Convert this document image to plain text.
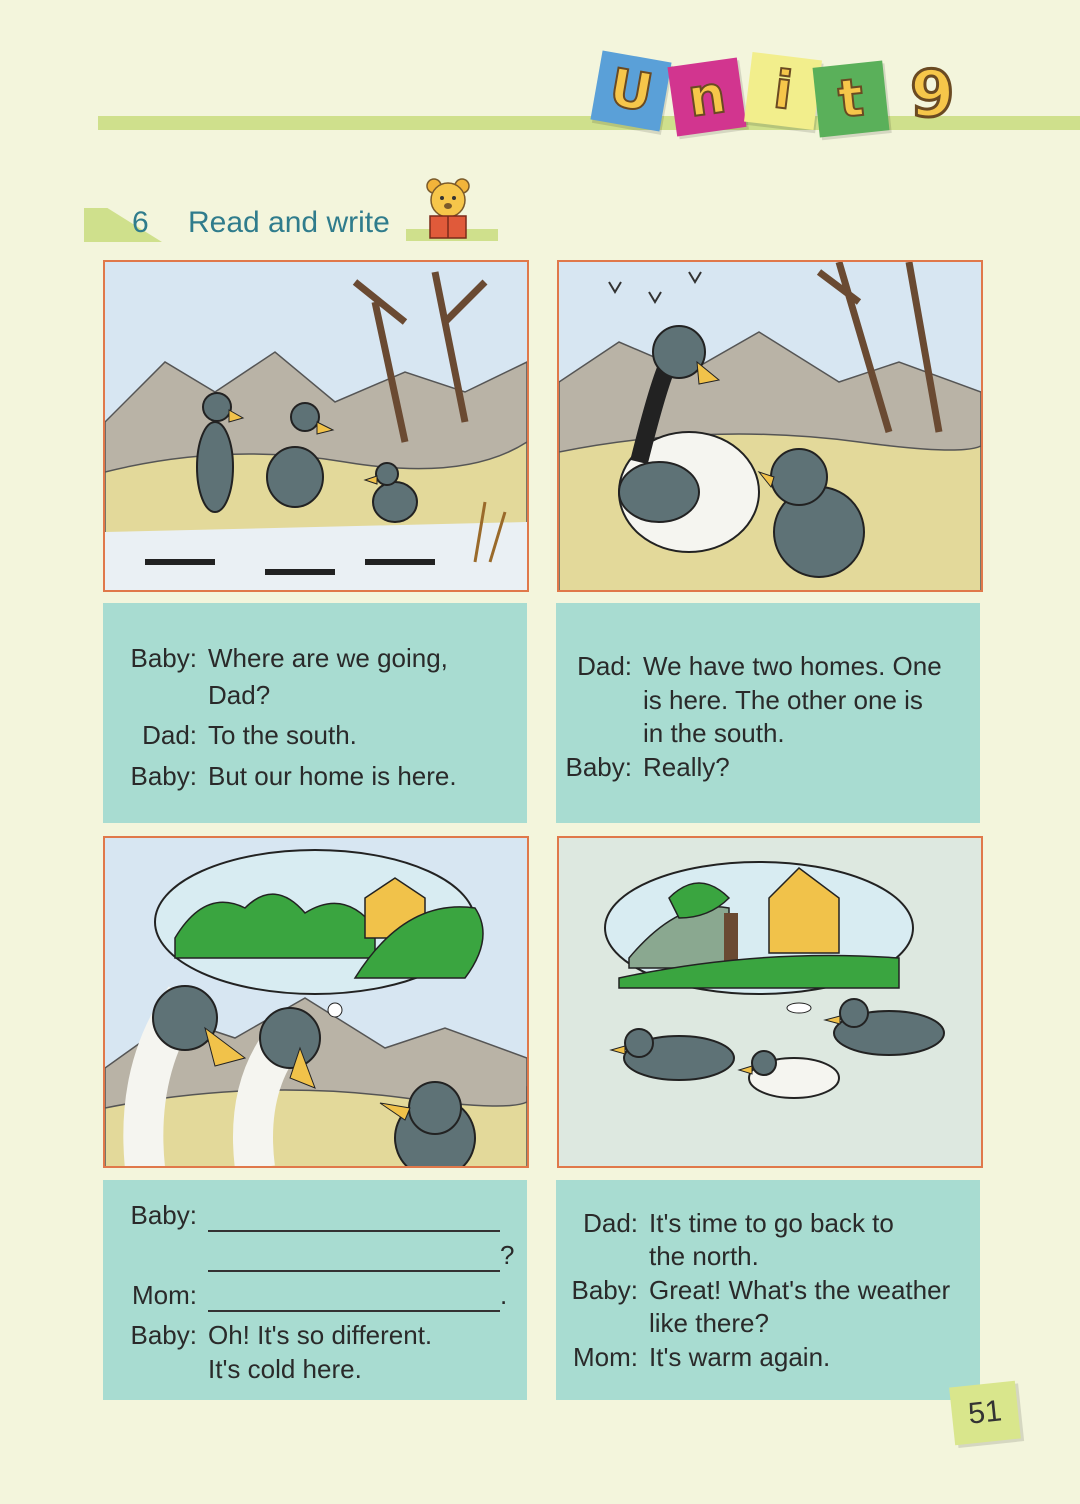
U n i t 9
6 Read and write
Baby: Where are we going,
Dad?
Dad: To the south.
Baby: But our home is here.
Dad: We have two homes. One
is here. The other one is
in the south.
Baby: Really?
Baby:
?
Mom:	.
Baby: Oh! It's so different.
It's cold here.
Dad: It's time to go back to
the north.
Baby: Great! What's the weather
like there?
Mom: It's warm again.
51
